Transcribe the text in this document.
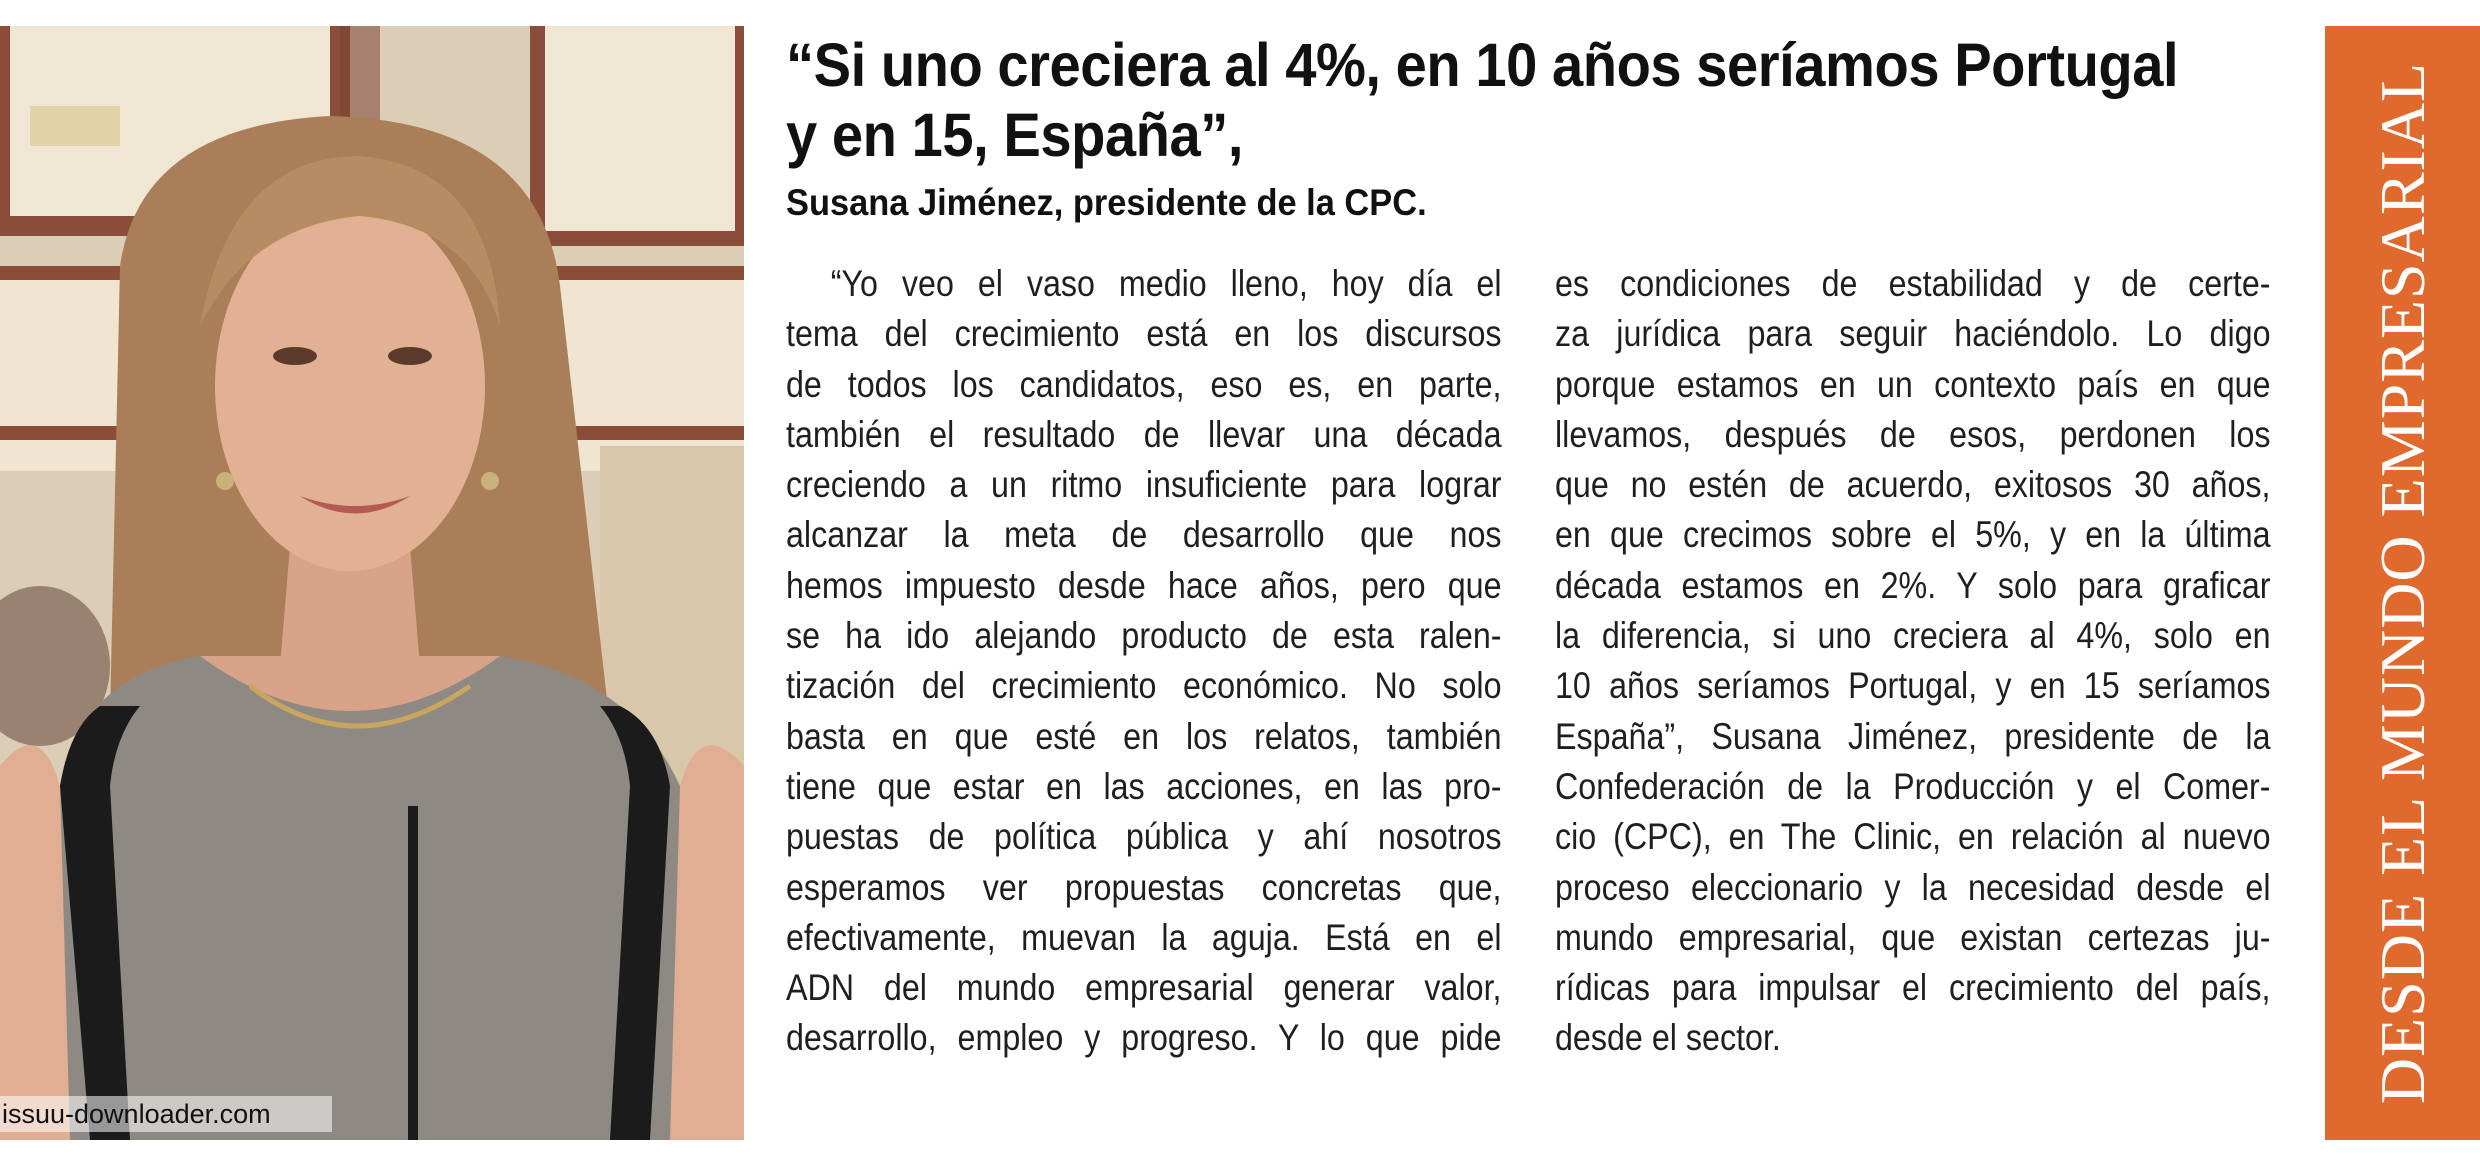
issuu-downloader.com
“Si uno creciera al 4%, en 10 años seríamos Portugal
y en 15, España”,

Susana Jiménez, presidente de la CPC.

“Yo veo el vaso medio lleno, hoy día el
tema del crecimiento está en los discursos
de todos los candidatos, eso es, en parte,
también el resultado de llevar una década
creciendo a un ritmo insuficiente para lograr
alcanzar la meta de desarrollo que nos
hemos impuesto desde hace años, pero que
se ha ido alejando producto de esta ralen-
tización del crecimiento económico. No solo
basta en que esté en los relatos, también
tiene que estar en las acciones, en las pro-
puestas de política pública y ahí nosotros
esperamos ver propuestas concretas que,
efectivamente, muevan la aguja. Está en el
ADN del mundo empresarial generar valor,
desarrollo, empleo y progreso. Y lo que pide
es condiciones de estabilidad y de certe-
za jurídica para seguir haciéndolo. Lo digo
porque estamos en un contexto país en que
llevamos, después de esos, perdonen los
que no estén de acuerdo, exitosos 30 años,
en que crecimos sobre el 5%, y en la última
década estamos en 2%. Y solo para graficar
la diferencia, si uno creciera al 4%, solo en
10 años seríamos Portugal, y en 15 seríamos
España”, Susana Jiménez, presidente de la
Confederación de la Producción y el Comer-
cio (CPC), en The Clinic, en relación al nuevo
proceso eleccionario y la necesidad desde el
mundo empresarial, que existan certezas ju-
rídicas para impulsar el crecimiento del país,
desde el sector.	DESDE EL MUNDO EMPRESARIAL
